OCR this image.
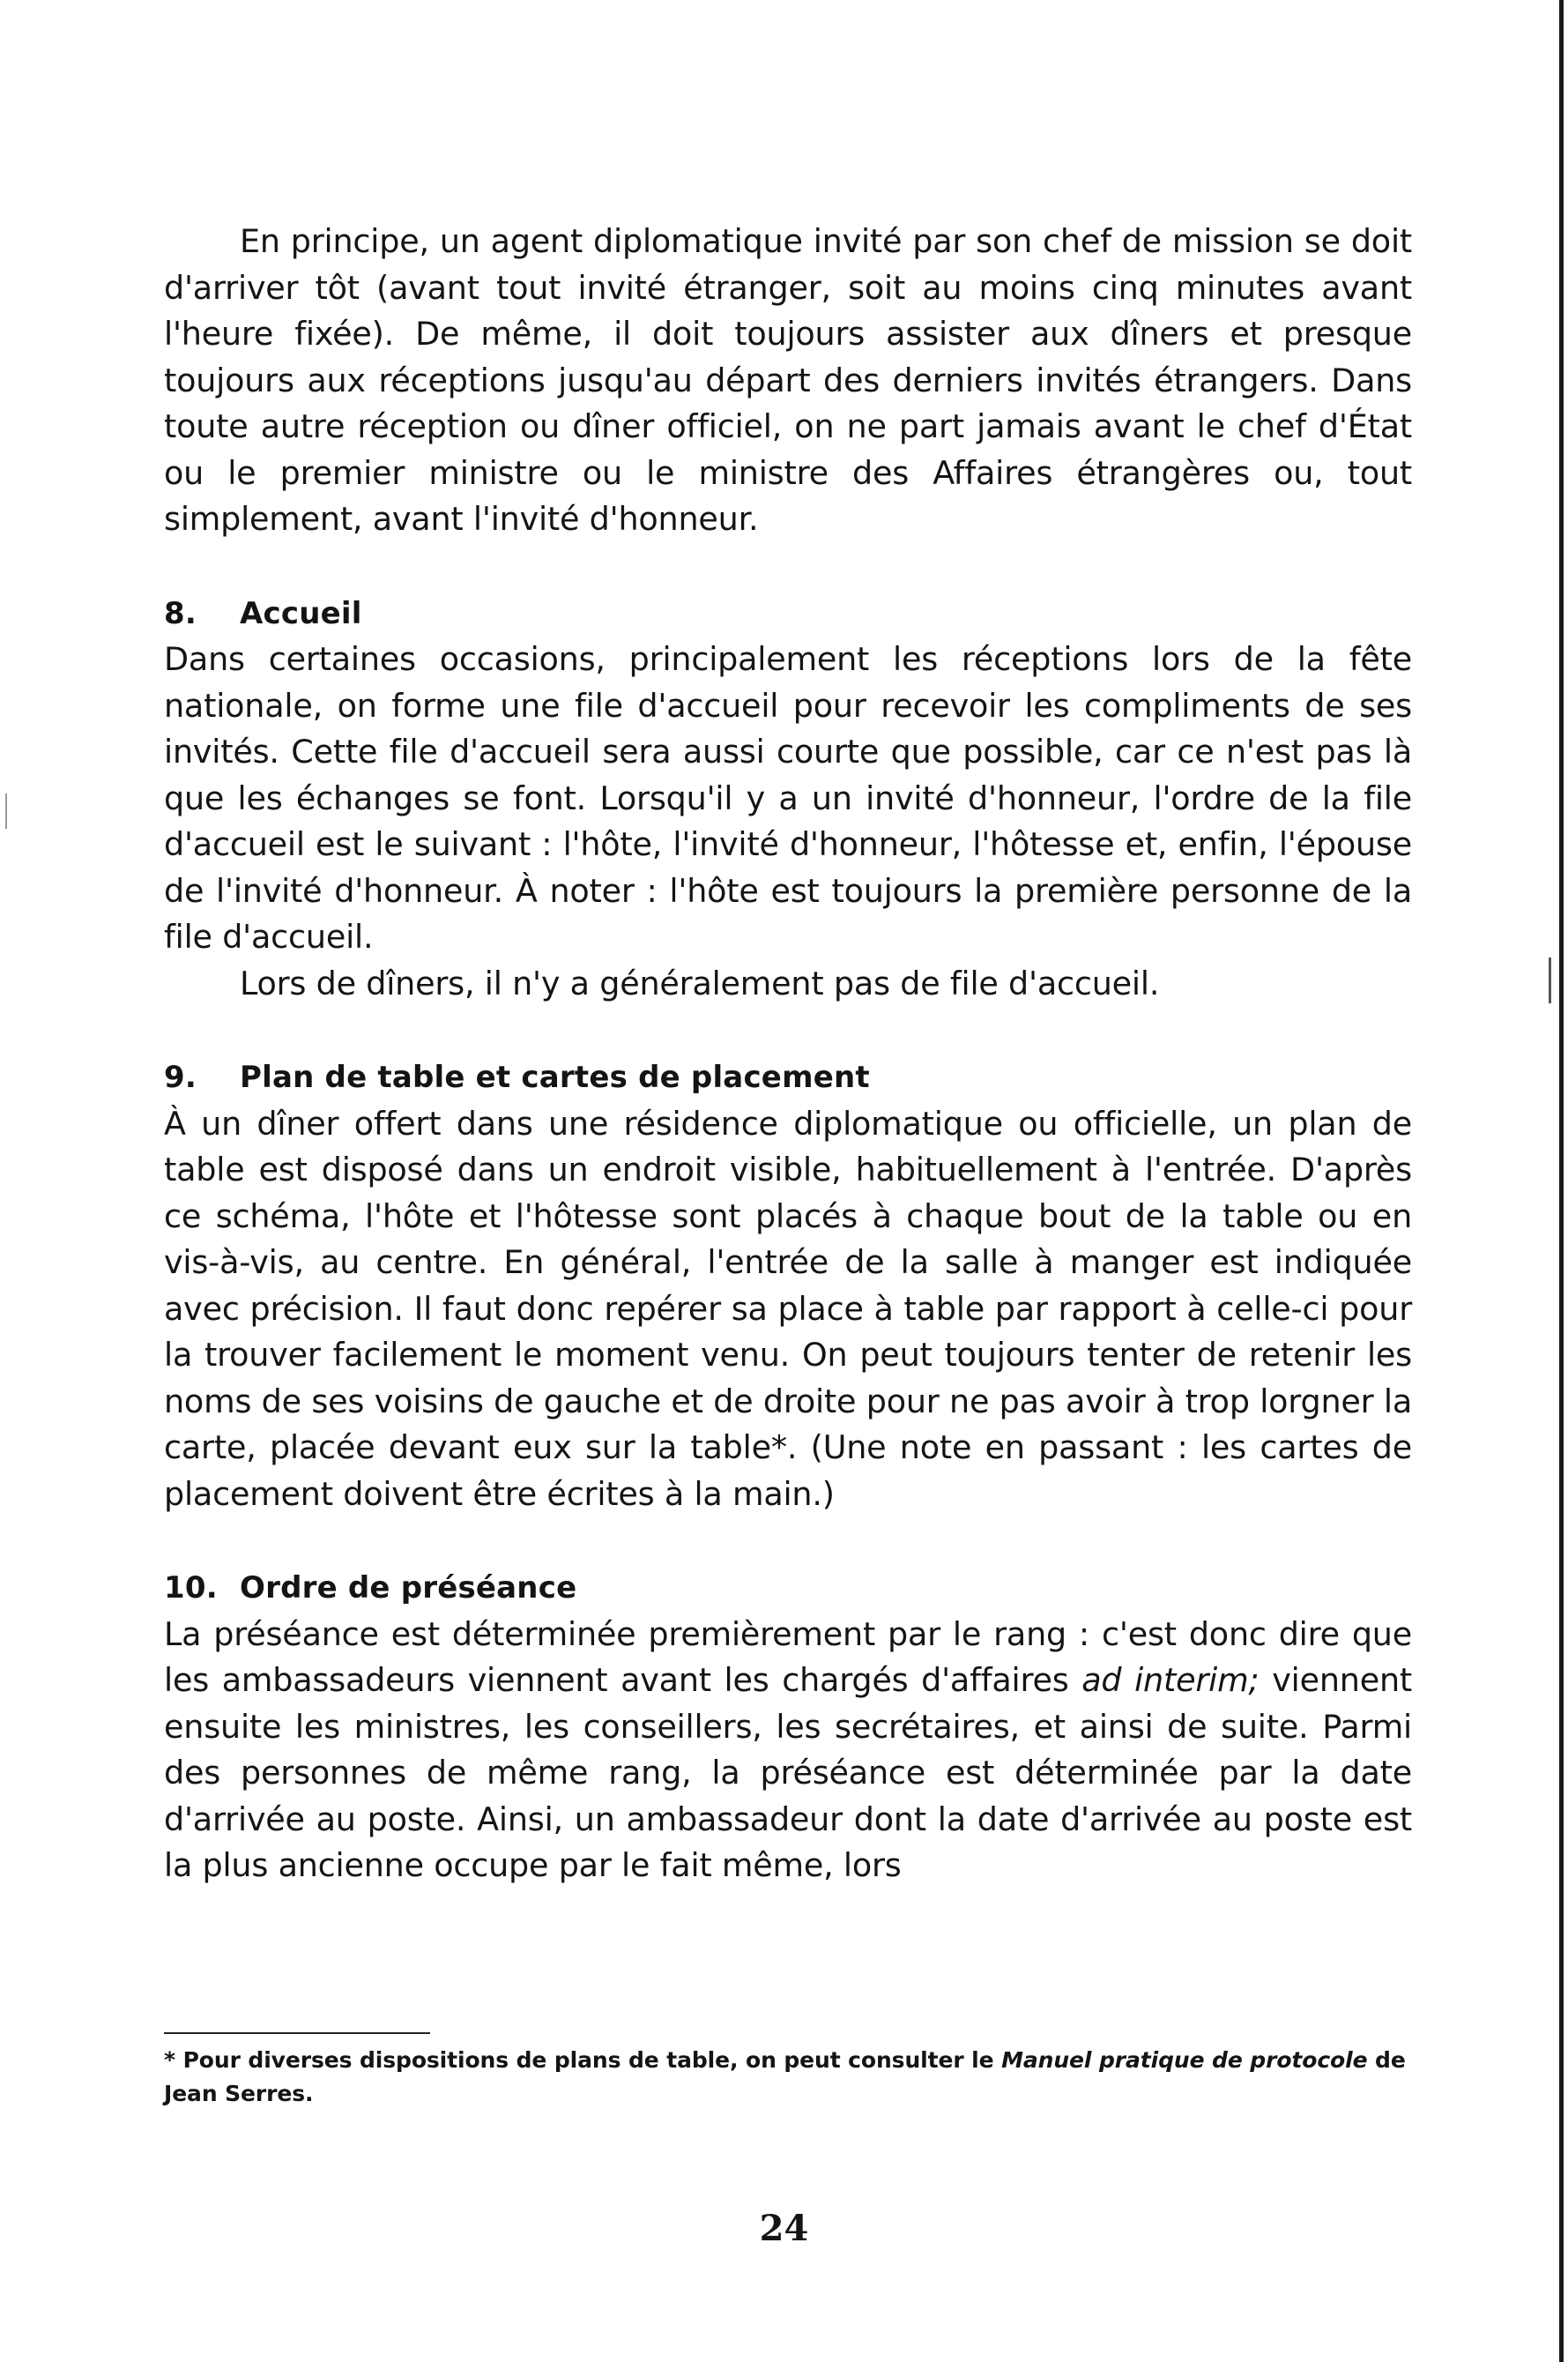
En principe, un agent diplomatique invité par son chef de mission se doit d'arriver tôt (avant tout invité étranger, soit au moins cinq minutes avant l'heure fixée). De même, il doit toujours assister aux dîners et presque toujours aux réceptions jusqu'au départ des derniers invités étrangers. Dans toute autre réception ou dîner officiel, on ne part jamais avant le chef d'État ou le premier ministre ou le ministre des Affaires étrangères ou, tout simplement, avant l'invité d'honneur.

8. Accueil

Dans certaines occasions, principalement les réceptions lors de la fête nationale, on forme une file d'accueil pour recevoir les compliments de ses invités. Cette file d'accueil sera aussi courte que possible, car ce n'est pas là que les échanges se font. Lorsqu'il y a un invité d'honneur, l'ordre de la file d'accueil est le suivant : l'hôte, l'invité d'honneur, l'hôtesse et, enfin, l'épouse de l'invité d'honneur. À noter : l'hôte est toujours la première personne de la file d'accueil.

Lors de dîners, il n'y a généralement pas de file d'accueil.

9. Plan de table et cartes de placement

À un dîner offert dans une résidence diplomatique ou officielle, un plan de table est disposé dans un endroit visible, habituellement à l'entrée. D'après ce schéma, l'hôte et l'hôtesse sont placés à chaque bout de la table ou en vis-à-vis, au centre. En général, l'entrée de la salle à manger est indiquée avec précision. Il faut donc repérer sa place à table par rapport à celle-ci pour la trouver facilement le moment venu. On peut toujours tenter de retenir les noms de ses voisins de gauche et de droite pour ne pas avoir à trop lorgner la carte, placée devant eux sur la table*. (Une note en passant : les cartes de placement doivent être écrites à la main.)

10. Ordre de préséance

La préséance est déterminée premièrement par le rang : c'est donc dire que les ambassadeurs viennent avant les chargés d'affaires ad interim; viennent ensuite les ministres, les conseillers, les secrétaires, et ainsi de suite. Parmi des personnes de même rang, la préséance est déterminée par la date d'arrivée au poste. Ainsi, un ambassadeur dont la date d'arrivée au poste est la plus ancienne occupe par le fait même, lors

* Pour diverses dispositions de plans de table, on peut consulter le Manuel pratique de protocole de Jean Serres.

24
